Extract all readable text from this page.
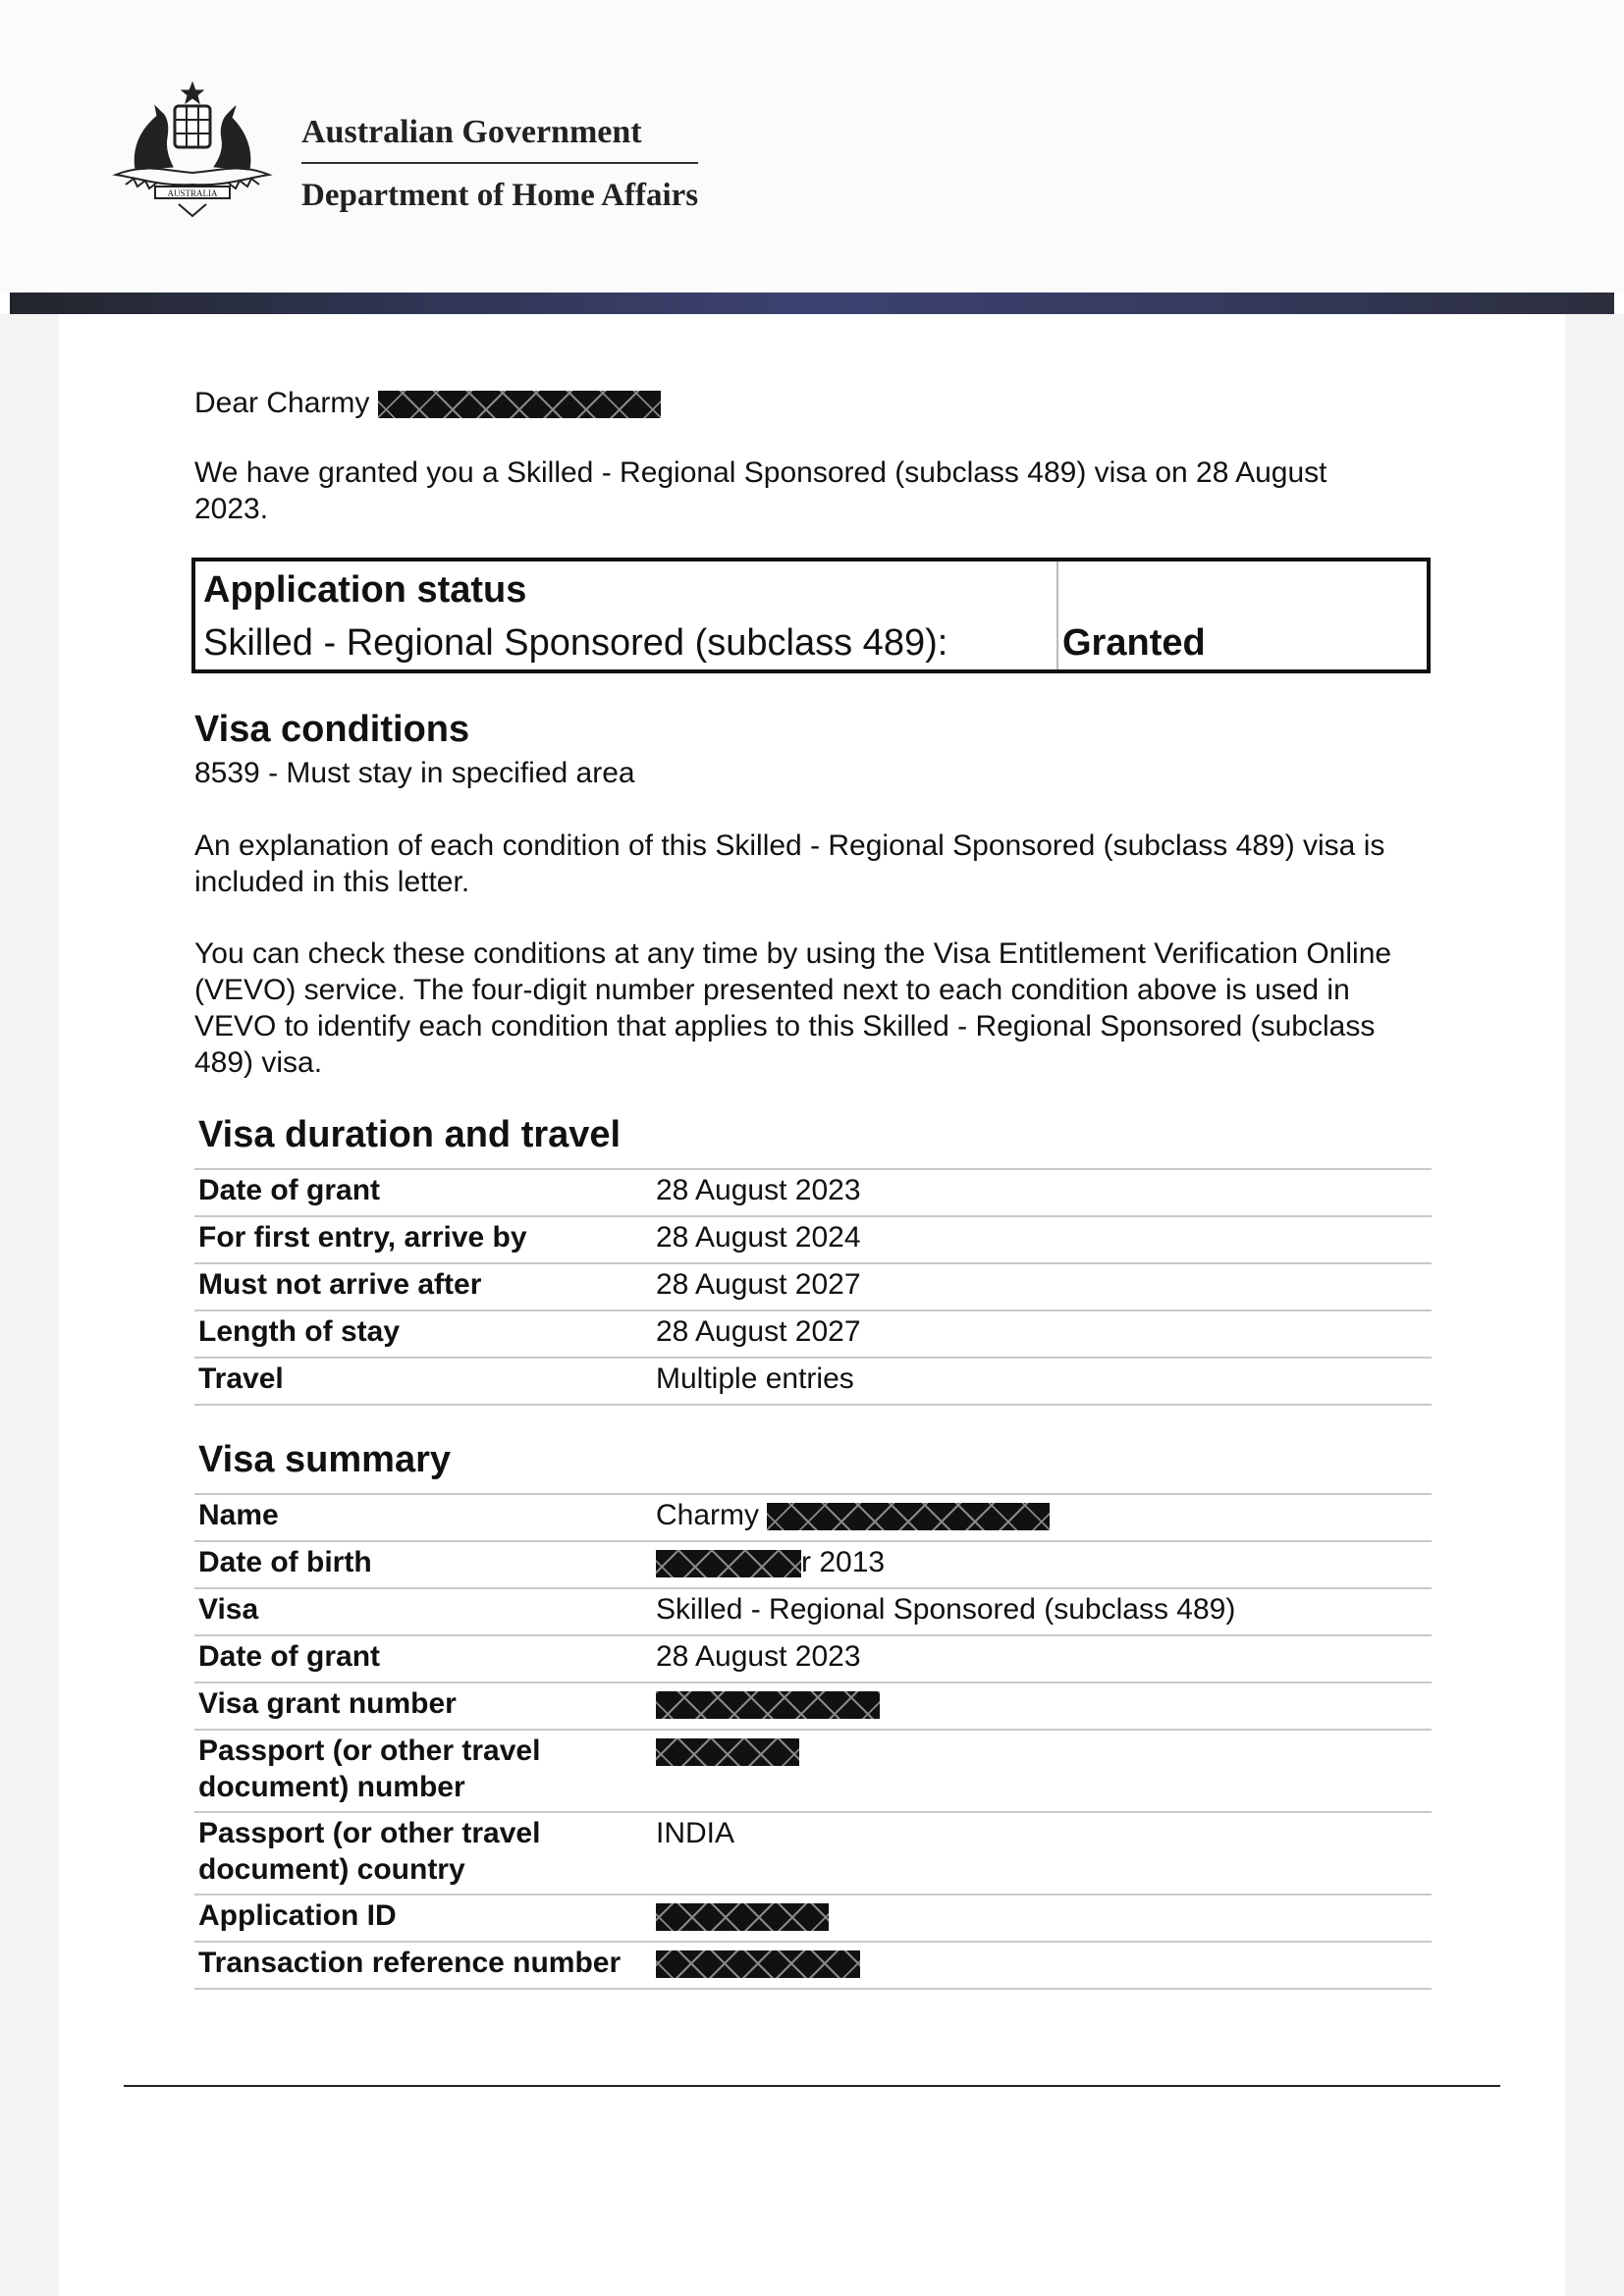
AUSTRALIA
Australian Government
Department of Home Affairs
Dear Charmy
We have granted you a Skilled - Regional Sponsored (subclass 489) visa on 28 August
2023.
Application status
Skilled - Regional Sponsored (subclass 489):	Granted
Visa conditions
8539 - Must stay in specified area
An explanation of each condition of this Skilled - Regional Sponsored (subclass 489) visa is
included in this letter.
You can check these conditions at any time by using the Visa Entitlement Verification Online
(VEVO) service. The four-digit number presented next to each condition above is used in
VEVO to identify each condition that applies to this Skilled - Regional Sponsored (subclass
489) visa.
Visa duration and travel
Date of grant	28 August 2023
For first entry, arrive by	28 August 2024
Must not arrive after	28 August 2027
Length of stay	28 August 2027
Travel	Multiple entries
Visa summary
Name	Charmy
Date of birth	r 2013
Visa	Skilled - Regional Sponsored (subclass 489)
Date of grant	28 August 2023
Visa grant number	

Passport (or other travel
document) number	

Passport (or other travel
document) country	INDIA
Application ID	
Transaction reference number	
